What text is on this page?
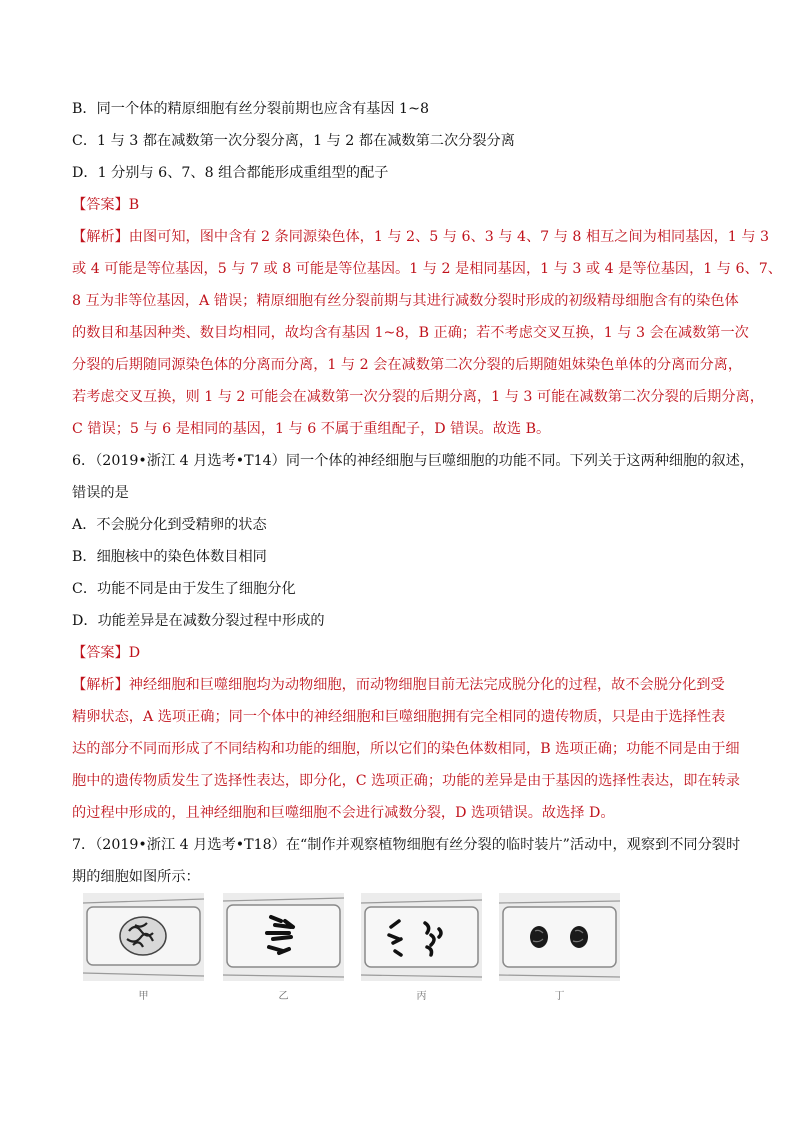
B．同一个体的精原细胞有丝分裂前期也应含有基因 1~8
C．1 与 3 都在减数第一次分裂分离，1 与 2 都在减数第二次分裂分离
D．1 分别与 6、7、8 组合都能形成重组型的配子
【答案】B
【解析】由图可知，图中含有 2 条同源染色体，1 与 2、5 与 6、3 与 4、7 与 8 相互之间为相同基因，1 与 3
或 4 可能是等位基因，5 与 7 或 8 可能是等位基因。1 与 2 是相同基因，1 与 3 或 4 是等位基因，1 与 6、7、
8 互为非等位基因，A 错误；精原细胞有丝分裂前期与其进行减数分裂时形成的初级精母细胞含有的染色体
的数目和基因种类、数目均相同，故均含有基因 1~8，B 正确；若不考虑交叉互换，1 与 3 会在减数第一次
分裂的后期随同源染色体的分离而分离，1 与 2 会在减数第二次分裂的后期随姐妹染色单体的分离而分离，
若考虑交叉互换，则 1 与 2 可能会在减数第一次分裂的后期分离，1 与 3 可能在减数第二次分裂的后期分离，
C 错误；5 与 6 是相同的基因，1 与 6 不属于重组配子，D 错误。故选 B。
6．（2019•浙江 4 月选考•T14）同一个体的神经细胞与巨噬细胞的功能不同。下列关于这两种细胞的叙述，
错误的是
A．不会脱分化到受精卵的状态
B．细胞核中的染色体数目相同
C．功能不同是由于发生了细胞分化
D．功能差异是在减数分裂过程中形成的
【答案】D
【解析】神经细胞和巨噬细胞均为动物细胞，而动物细胞目前无法完成脱分化的过程，故不会脱分化到受
精卵状态，A 选项正确；同一个体中的神经细胞和巨噬细胞拥有完全相同的遗传物质，只是由于选择性表
达的部分不同而形成了不同结构和功能的细胞，所以它们的染色体数相同，B 选项正确；功能不同是由于细
胞中的遗传物质发生了选择性表达，即分化，C 选项正确；功能的差异是由于基因的选择性表达，即在转录
的过程中形成的，且神经细胞和巨噬细胞不会进行减数分裂，D 选项错误。故选择 D。
7．（2019•浙江 4 月选考•T18）在“制作并观察植物细胞有丝分裂的临时装片”活动中，观察到不同分裂时
期的细胞如图所示：
甲	乙	丙	丁
